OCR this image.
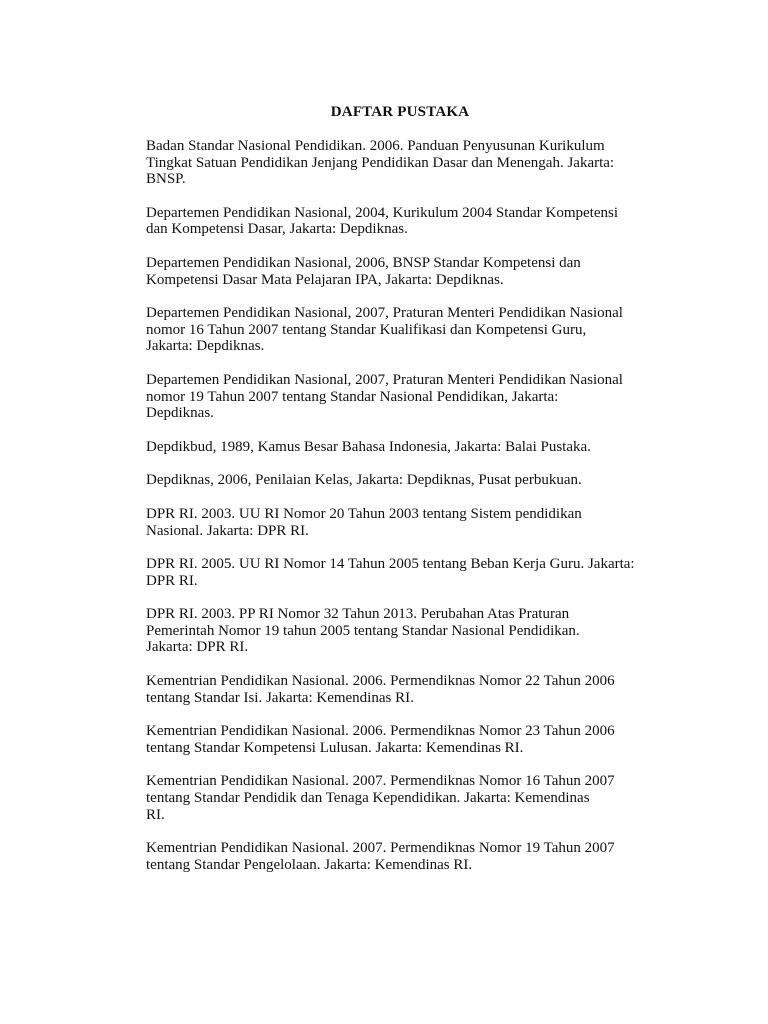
DAFTAR PUSTAKA
Badan Standar Nasional Pendidikan. 2006. Panduan Penyusunan Kurikulum
Tingkat Satuan Pendidikan Jenjang Pendidikan Dasar dan Menengah. Jakarta:
BNSP.
Departemen Pendidikan Nasional, 2004, Kurikulum 2004 Standar Kompetensi
dan Kompetensi Dasar, Jakarta: Depdiknas.
Departemen Pendidikan Nasional, 2006, BNSP Standar Kompetensi dan
Kompetensi Dasar Mata Pelajaran IPA, Jakarta: Depdiknas.
Departemen Pendidikan Nasional, 2007, Praturan Menteri Pendidikan Nasional
nomor 16 Tahun 2007 tentang Standar Kualifikasi dan Kompetensi Guru,
Jakarta: Depdiknas.
Departemen Pendidikan Nasional, 2007, Praturan Menteri Pendidikan Nasional
nomor 19 Tahun 2007 tentang Standar Nasional Pendidikan, Jakarta:
Depdiknas.
Depdikbud, 1989, Kamus Besar Bahasa Indonesia, Jakarta: Balai Pustaka.
Depdiknas, 2006, Penilaian Kelas, Jakarta: Depdiknas, Pusat perbukuan.
DPR RI. 2003. UU RI Nomor 20 Tahun 2003 tentang Sistem pendidikan
Nasional. Jakarta: DPR RI.
DPR RI. 2005. UU RI Nomor 14 Tahun 2005 tentang Beban Kerja Guru. Jakarta:
DPR RI.
DPR RI. 2003. PP RI Nomor 32 Tahun 2013. Perubahan Atas Praturan
Pemerintah Nomor 19 tahun 2005 tentang Standar Nasional Pendidikan.
Jakarta: DPR RI.
Kementrian Pendidikan Nasional. 2006. Permendiknas Nomor 22 Tahun 2006
tentang Standar Isi. Jakarta: Kemendinas RI.
Kementrian Pendidikan Nasional. 2006. Permendiknas Nomor 23 Tahun 2006
tentang Standar Kompetensi Lulusan. Jakarta: Kemendinas RI.
Kementrian Pendidikan Nasional. 2007. Permendiknas Nomor 16 Tahun 2007
tentang Standar Pendidik dan Tenaga Kependidikan. Jakarta: Kemendinas
RI.
Kementrian Pendidikan Nasional. 2007. Permendiknas Nomor 19 Tahun 2007
tentang Standar Pengelolaan. Jakarta: Kemendinas RI.
